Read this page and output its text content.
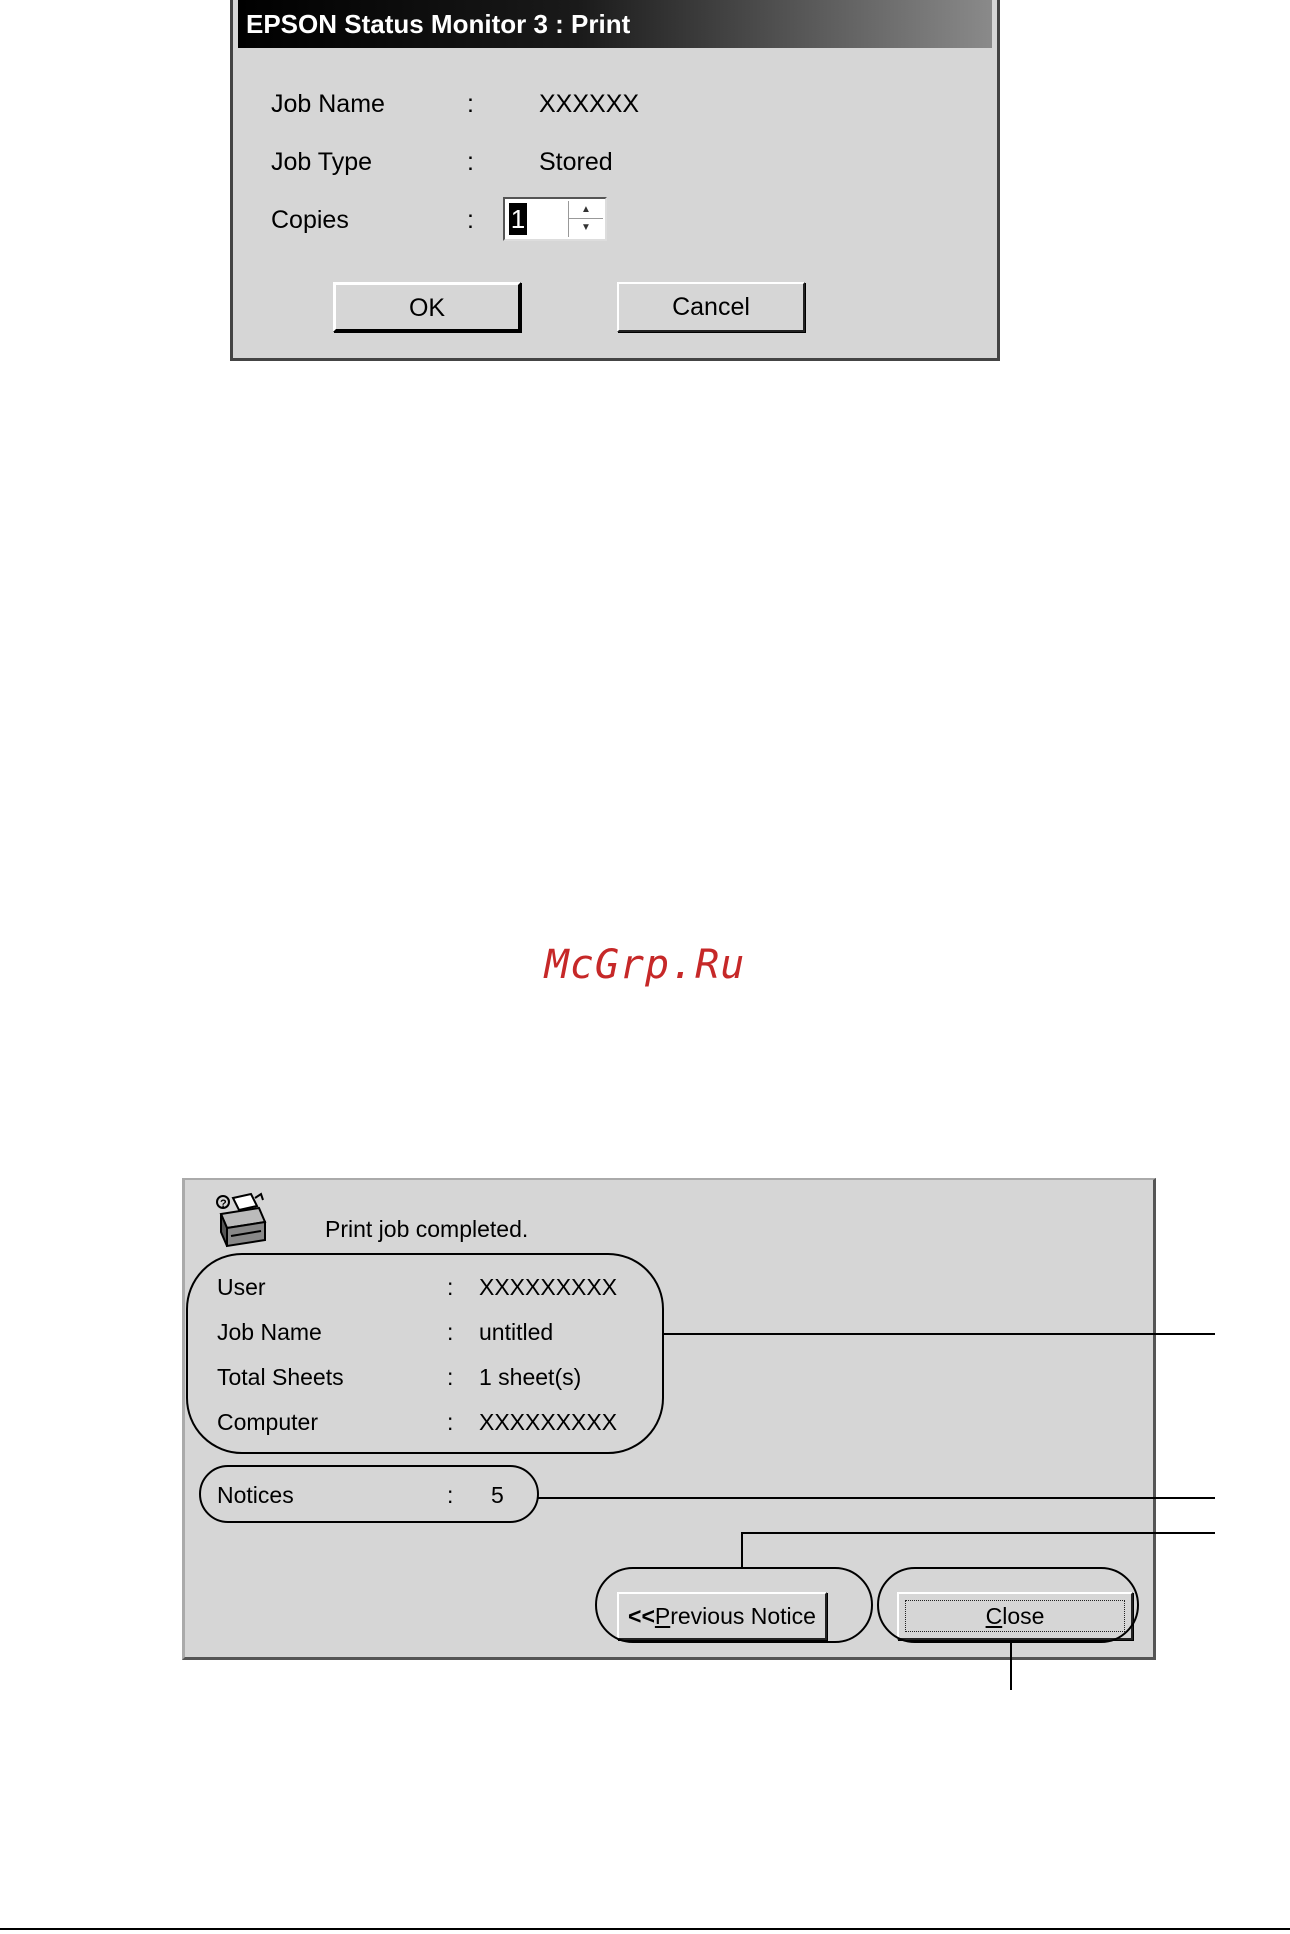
EPSON Status Monitor 3 : Print
Job Name	:	XXXXXX
Job Type	:	Stored
Copies	: 1	▲
▼
OK	Cancel
McGrp.Ru
?
Print job completed.
User	: XXXXXXXXX
Job Name	: untitled
Total Sheets	: 1 sheet(s)
Computer	: XXXXXXXXX
Notices	: 5
<<Previous Notice	Close
